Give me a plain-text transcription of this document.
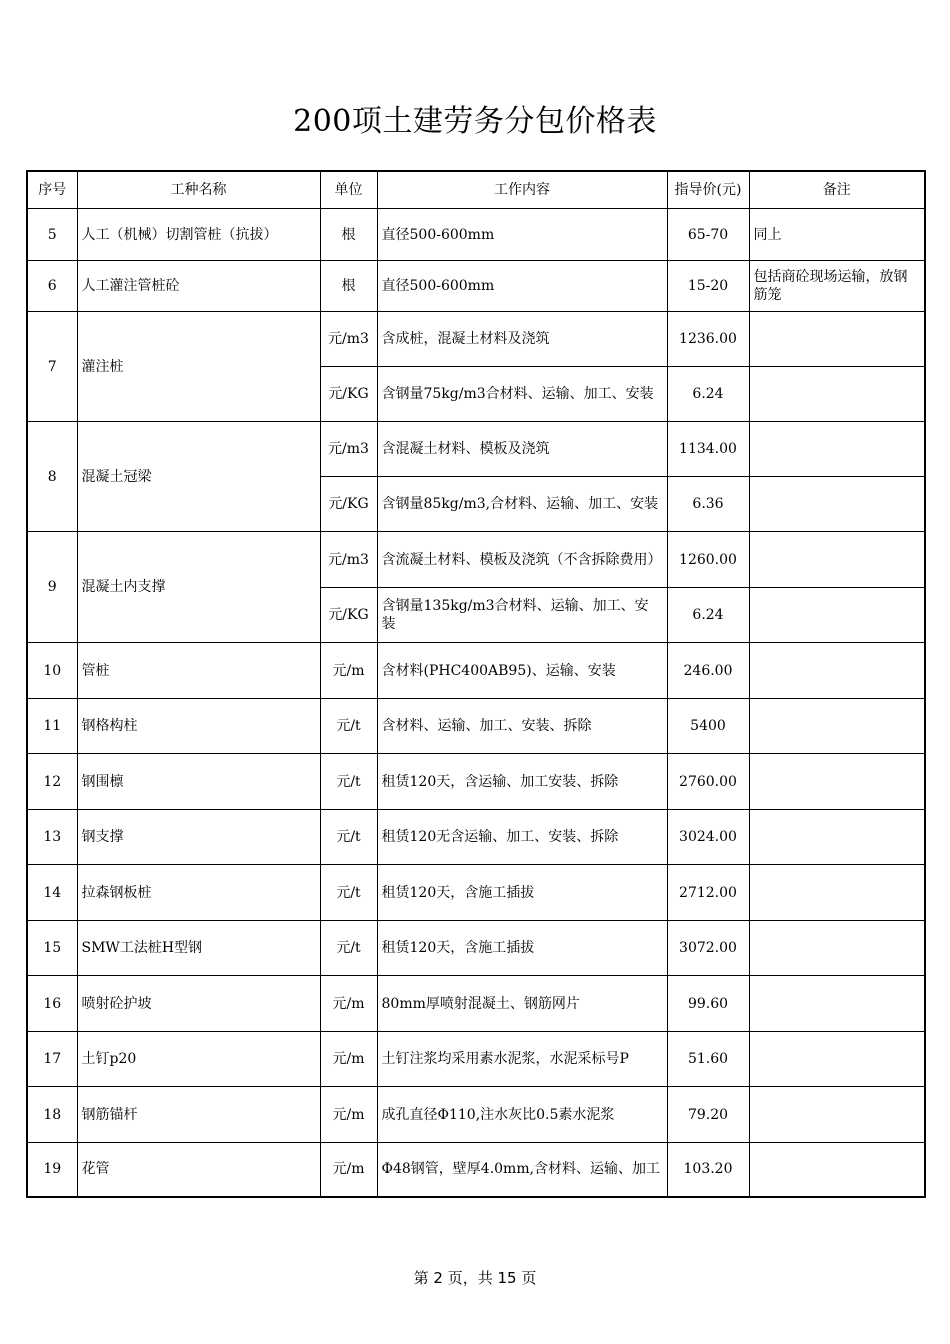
200项土建劳务分包价格表
序号	工种名称	单位	工作内容	指导价(元)	备注
5	人工（机械）切割管桩（抗拔）	根	直径500-600mm	65-70	同上
6	人工灌注管桩砼	根	直径500-600mm	15-20	包括商砼现场运输，放钢筋笼
7	灌注桩	元/m3	含成桩，混凝土材料及浇筑	1236.00	
		元/KG	含钢量75kg/m3合材料、运输、加工、安装	6.24	
8	混凝土冠梁	元/m3	含混凝土材料、模板及浇筑	1134.00	
		元/KG	含钢量85kg/m3,合材料、运输、加工、安装	6.36	
9	混凝土内支撑	元/m3	含流凝土材料、模板及浇筑（不含拆除费用）	1260.00	
		元/KG	含钢量135kg/m3合材料、运输、加工、安装	6.24	
10	管桩	元/m	含材料(PHC400AB95)、运输、安装	246.00	
11	钢格构柱	元/t	含材料、运输、加工、安装、拆除	5400	
12	钢围檩	元/t	租赁120天，含运输、加工安装、拆除	2760.00	
13	钢支撑	元/t	租赁120无含运输、加工、安装、拆除	3024.00	
14	拉森钢板桩	元/t	租赁120天，含施工插拔	2712.00	
15	SMW工法桩H型钢	元/t	租赁120天，含施工插拔	3072.00	
16	喷射砼护坡	元/m	80mm厚喷射混凝土、钢筋网片	99.60	
17	土钉p20	元/m	土钉注浆均采用素水泥浆，水泥采标号P	51.60	
18	钢筋锚杆	元/m	成孔直径Φ110,注水灰比0.5素水泥浆	79.20	
19	花管	元/m	Φ48钢管，壁厚4.0mm,含材料、运输、加工	103.20	
第 2 页，共 15 页
